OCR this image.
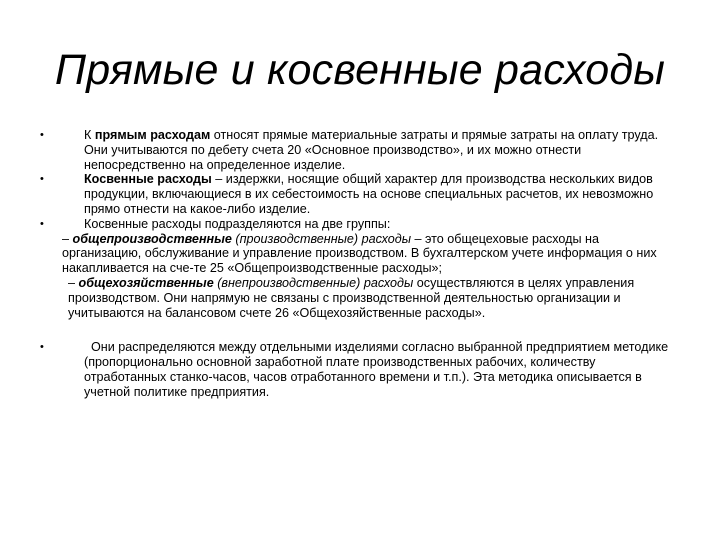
Прямые и косвенные расходы
•	К прямым расходам относят прямые материальные затраты и прямые затраты на оплату труда. Они учитываются по дебету счета 20 «Основное производство», и их можно отнести непосредственно на определенное изделие.
•	Косвенные расходы – издержки, носящие общий характер для производства нескольких видов продукции, включающиеся в их себестоимость на основе специальных расчетов, их невозможно прямо отнести на какое-либо изделие.
•	Косвенные расходы подразделяются на две группы:
– общепроизводственные (производственные) расходы – это общецеховые расходы на организацию, обслуживание и управление производством. В бухгалтерском учете информация о них накапливается на сче-те 25 «Общепроизводственные расходы»;
– общехозяйственные (внепроизводственные) расходы осуществляются в целях управления производством. Они напрямую не связаны с производственной деятельностью организации и учитываются на балансовом счете 26 «Общехозяйственные расходы».
•	Они распределяются между отдельными изделиями согласно выбранной предприятием методике (пропорционально основной заработной плате производственных рабочих, количеству отработанных станко-часов, часов отработанного времени и т.п.). Эта методика описывается в учетной политике предприятия.
